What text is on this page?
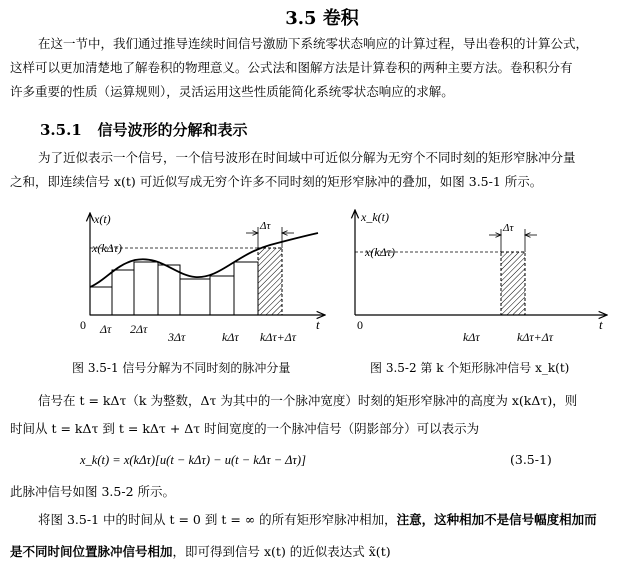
3.5 卷积
在这一节中，我们通过推导连续时间信号激励下系统零状态响应的计算过程，导出卷积的计算公式，
这样可以更加清楚地了解卷积的物理意义。公式法和图解方法是计算卷积的两种主要方法。卷积积分有
许多重要的性质（运算规则），灵活运用这些性质能简化系统零状态响应的求解。
3.5.1 信号波形的分解和表示
为了近似表示一个信号，一个信号波形在时间域中可近似分解为无穷个不同时刻的矩形窄脉冲分量
之和，即连续信号 x(t) 可近似写成无穷个许多不同时刻的矩形窄脉冲的叠加，如图 3.5-1 所示。
Δτ
x(t)
x(kΔτ)
0	t
Δτ 2Δτ
3Δτ	kΔτ kΔτ+Δτ
Δτ
x_k(t)
x(kΔτ)
0	t
kΔτ	kΔτ+Δτ
图 3.5-1 信号分解为不同时刻的脉冲分量	图 3.5-2 第 k 个矩形脉冲信号 x_k(t)
信号在 t = kΔτ（k 为整数，Δτ 为其中的一个脉冲宽度）时刻的矩形窄脉冲的高度为 x(kΔτ)，则
时间从 t = kΔτ 到 t = kΔτ + Δτ 时间宽度的一个脉冲信号（阴影部分）可以表示为
x_k(t) = x(kΔτ)[u(t − kΔτ) − u(t − kΔτ − Δτ)]	(3.5-1)
此脉冲信号如图 3.5-2 所示。
将图 3.5-1 中的时间从 t = 0 到 t = ∞ 的所有矩形窄脉冲相加，注意，这种相加不是信号幅度相加而
是不同时间位置脉冲信号相加，即可得到信号 x(t) 的近似表达式 x̃(t)
